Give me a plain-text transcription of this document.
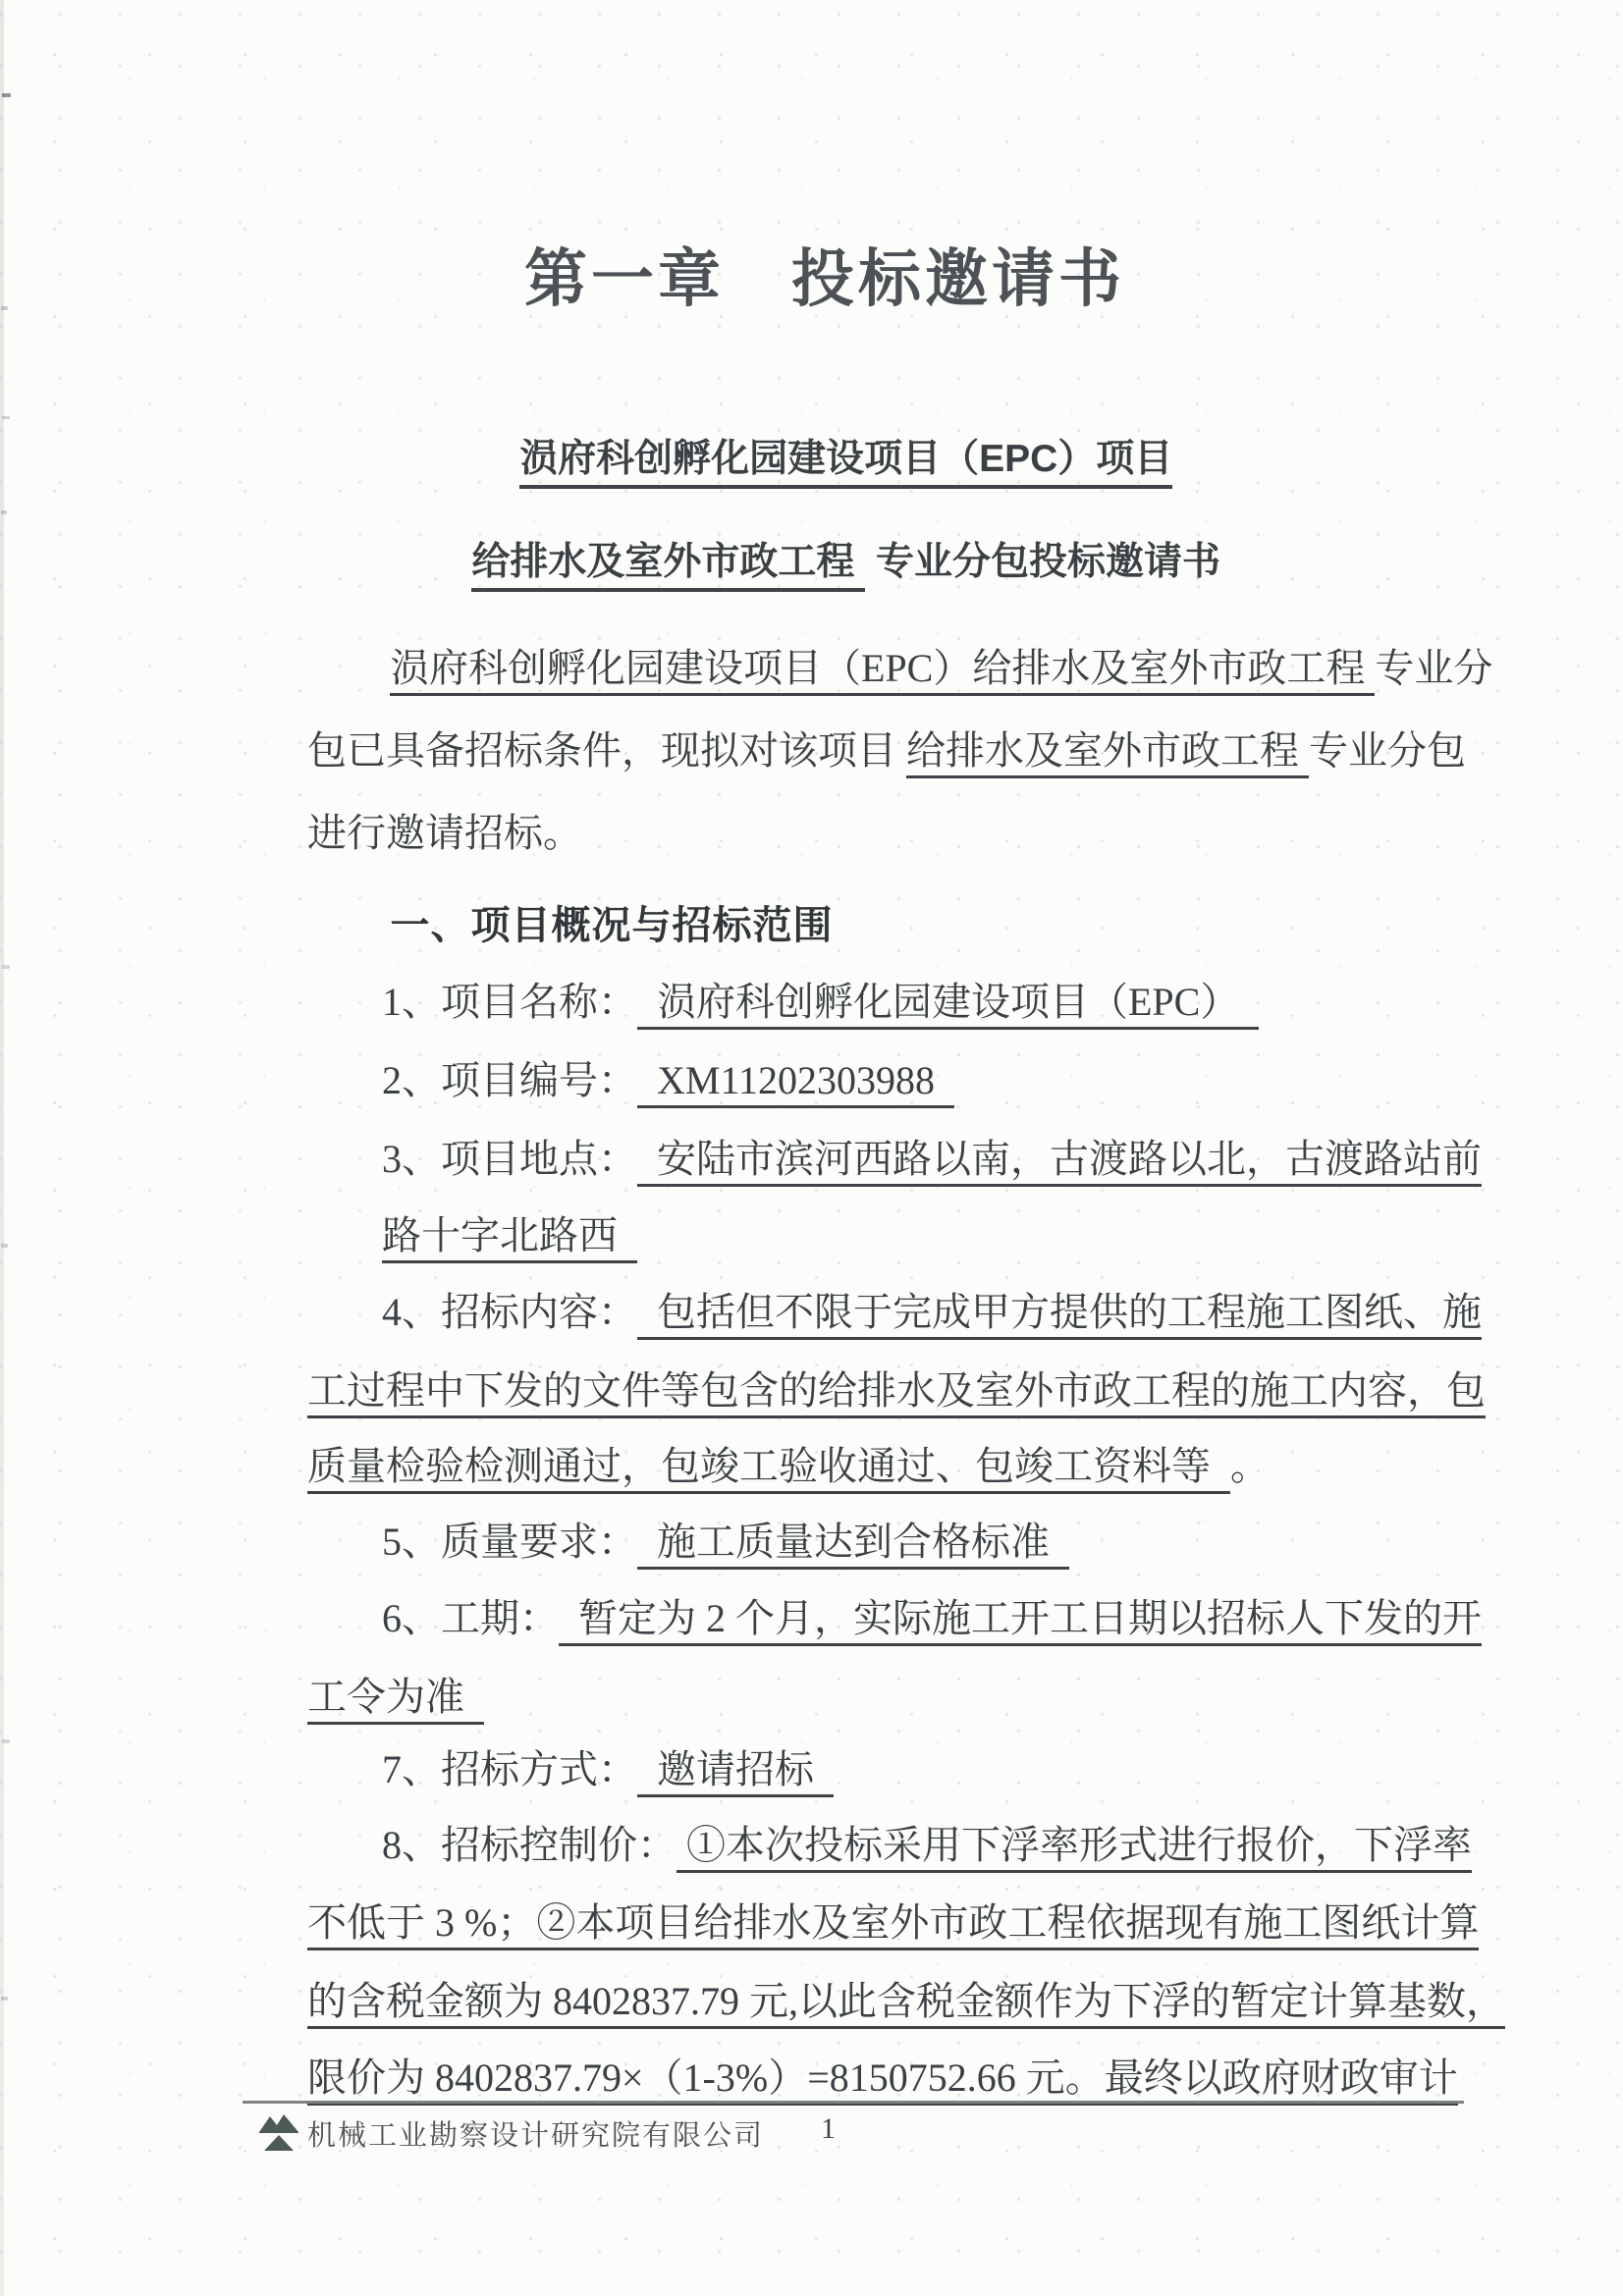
第一章　投标邀请书

涢府科创孵化园建设项目（EPC）项目

给排水及室外市政工程  专业分包投标邀请书

涢府科创孵化园建设项目（EPC）给排水及室外市政工程 专业分

包已具备招标条件，现拟对该项目 给排水及室外市政工程 专业分包

进行邀请招标。

一、项目概况与招标范围

1、项目名称：  涢府科创孵化园建设项目（EPC）

2、项目编号：  XM11202303988

3、项目地点：  安陆市滨河西路以南，古渡路以北，古渡路站前

路十字北路西

4、招标内容：  包括但不限于完成甲方提供的工程施工图纸、施

工过程中下发的文件等包含的给排水及室外市政工程的施工内容，包

质量检验检测通过，包竣工验收通过、包竣工资料等  。

5、质量要求：  施工质量达到合格标准

6、工期：  暂定为 2 个月，实际施工开工日期以招标人下发的开

工令为准

7、招标方式：  邀请招标

8、招标控制价： ①本次投标采用下浮率形式进行报价，下浮率

不低于 3 %；②本项目给排水及室外市政工程依据现有施工图纸计算

的含税金额为 8402837.79 元,以此含税金额作为下浮的暂定计算基数，

限价为 8402837.79×（1-3%）=8150752.66 元。最终以政府财政审计

机械工业勘察设计研究院有限公司 1
